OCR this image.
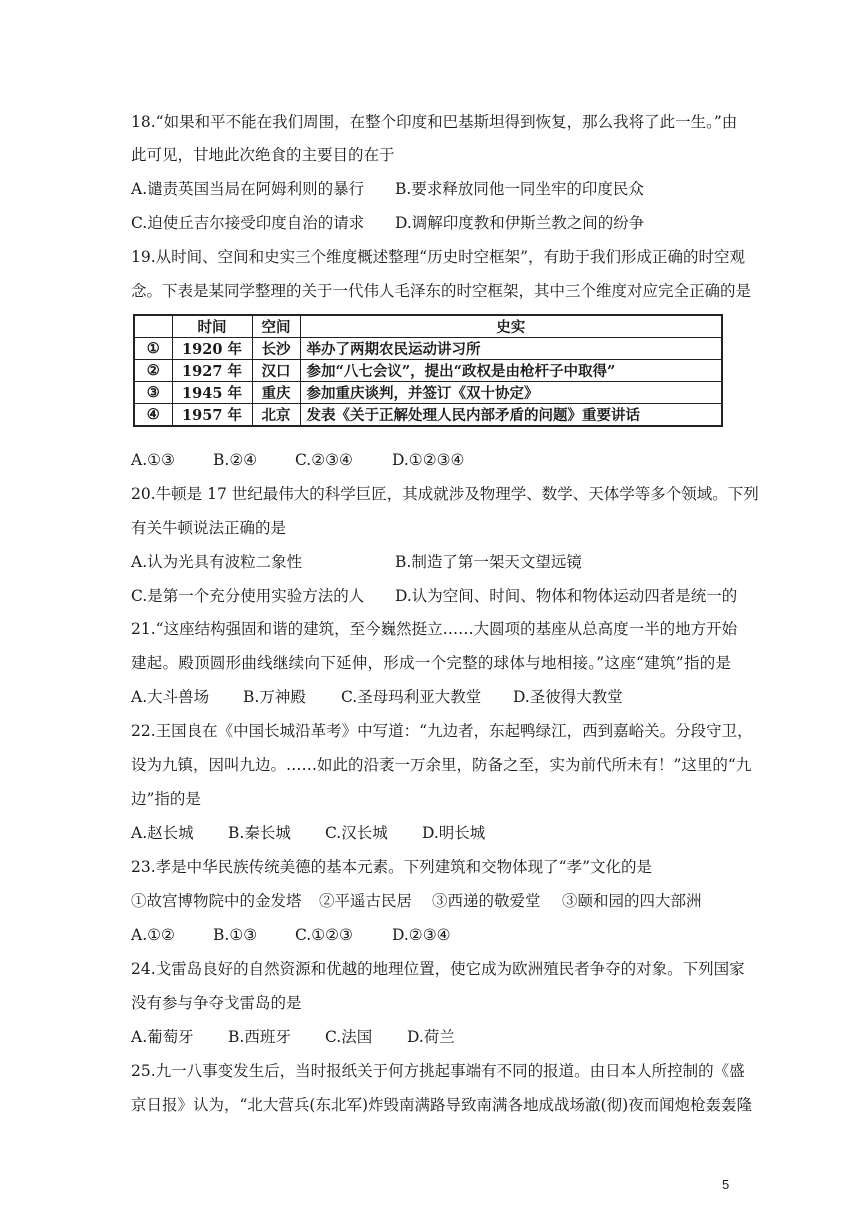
18.“如果和平不能在我们周围，在整个印度和巴基斯坦得到恢复，那么我将了此一生。”由
此可见，甘地此次绝食的主要目的在于
A.谴责英国当局在阿姆利则的暴行 B.要求释放同他一同坐牢的印度民众
C.迫使丘吉尔接受印度自治的请求 D.调解印度教和伊斯兰教之间的纷争
19.从时间、空间和史实三个维度概述整理“历史时空框架”，有助于我们形成正确的时空观
念。下表是某同学整理的关于一代伟人毛泽东的时空框架，其中三个维度对应完全正确的是
	时间	空间	史实
①	1920 年	长沙	举办了两期农民运动讲习所
②	1927 年	汉口	参加“八七会议”，提出“政权是由枪杆子中取得”
③	1945 年	重庆	参加重庆谈判，并签订《双十协定》
④	1957 年	北京	发表《关于正解处理人民内部矛盾的问题》重要讲话
A.①③ B.②④ C.②③④	D.①②③④
20.牛顿是 17 世纪最伟大的科学巨匠，其成就涉及物理学、数学、天体学等多个领域。下列
有关牛顿说法正确的是
A.认为光具有波粒二象性	B.制造了第一架天文望远镜
C.是第一个充分使用实验方法的人 D.认为空间、时间、物体和物体运动四者是统一的
21.“这座结构强固和谐的建筑，至今巍然挺立……大圆项的基座从总高度一半的地方开始
建起。殿顶圆形曲线继续向下延伸，形成一个完整的球体与地相接。”这座“建筑”指的是
A.大斗兽场 B.万神殿 C.圣母玛利亚大教堂 D.圣彼得大教堂
22.王国良在《中国长城沿革考》中写道：“九边者，东起鸭绿江，西到嘉峪关。分段守卫，
设为九镇，因叫九边。……如此的沿袤一万余里，防备之至，实为前代所未有！”这里的“九
边”指的是
A.赵长城 B.秦长城 C.汉长城 D.明长城
23.孝是中华民族传统美德的基本元素。下列建筑和交物体现了“孝”文化的是
①故宫博物院中的金发塔 ②平遥古民居 ③西递的敬爱堂 ③颐和园的四大部洲
A.①② B.①③ C.①②③	D.②③④
24.戈雷岛良好的自然资源和优越的地理位置，使它成为欧洲殖民者争夺的对象。下列国家
没有参与争夺戈雷岛的是
A.葡萄牙 B.西班牙 C.法国 D.荷兰
25.九一八事变发生后，当时报纸关于何方挑起事端有不同的报道。由日本人所控制的《盛
京日报》认为，“北大营兵(东北军)炸毁南满路导致南满各地成战场澈(彻)夜而闻炮枪轰轰隆
5
